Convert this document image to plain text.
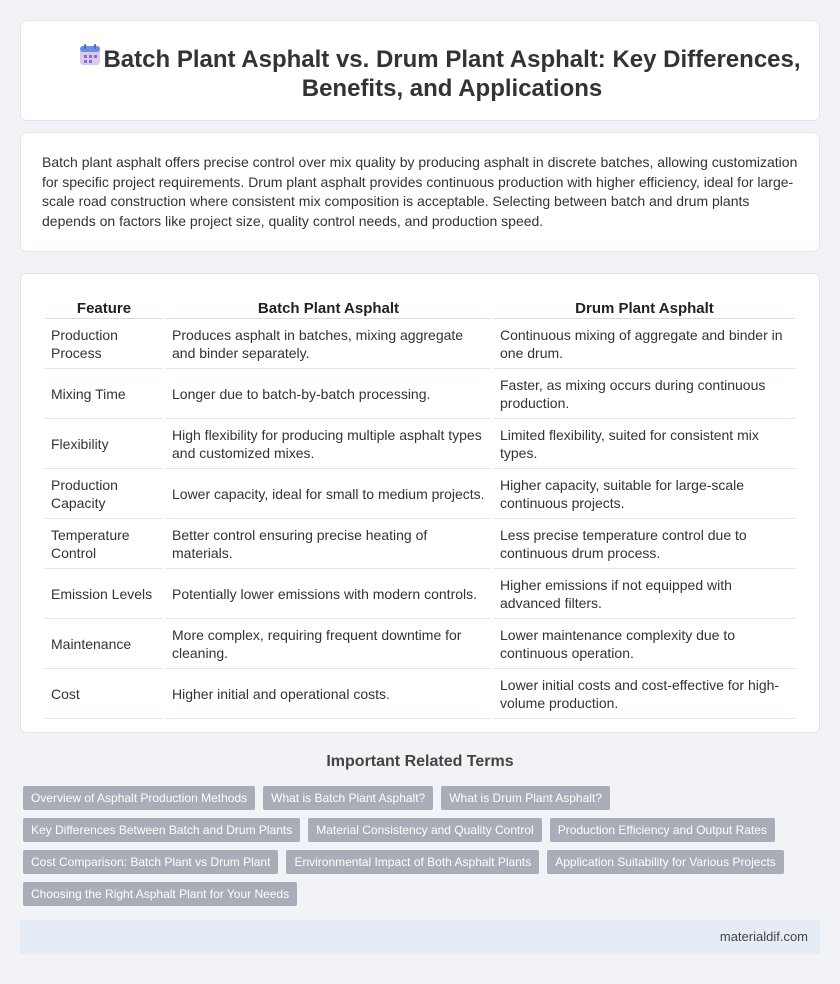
Batch Plant Asphalt vs. Drum Plant Asphalt: Key Differences, Benefits, and Applications

Batch plant asphalt offers precise control over mix quality by producing asphalt in discrete batches, allowing customization for specific project requirements. Drum plant asphalt provides continuous production with higher efficiency, ideal for large-scale road construction where consistent mix composition is acceptable. Selecting between batch and drum plants depends on factors like project size, quality control needs, and production speed.

Feature	Batch Plant Asphalt	Drum Plant Asphalt
Production Process	Produces asphalt in batches, mixing aggregate and binder separately.	Continuous mixing of aggregate and binder in one drum.
Mixing Time	Longer due to batch-by-batch processing.	Faster, as mixing occurs during continuous production.
Flexibility	High flexibility for producing multiple asphalt types and customized mixes.	Limited flexibility, suited for consistent mix types.
Production Capacity	Lower capacity, ideal for small to medium projects.	Higher capacity, suitable for large-scale continuous projects.
Temperature Control	Better control ensuring precise heating of materials.	Less precise temperature control due to continuous drum process.
Emission Levels	Potentially lower emissions with modern controls.	Higher emissions if not equipped with advanced filters.
Maintenance	More complex, requiring frequent downtime for cleaning.	Lower maintenance complexity due to continuous operation.
Cost	Higher initial and operational costs.	Lower initial costs and cost-effective for high-volume production.
Important Related Terms
Overview of Asphalt Production Methods	What is Batch Plant Asphalt?	What is Drum Plant Asphalt?
Key Differences Between Batch and Drum Plants	Material Consistency and Quality Control	Production Efficiency and Output Rates
Cost Comparison: Batch Plant vs Drum Plant	Environmental Impact of Both Asphalt Plants	Application Suitability for Various Projects
Choosing the Right Asphalt Plant for Your Needs
materialdif.com
